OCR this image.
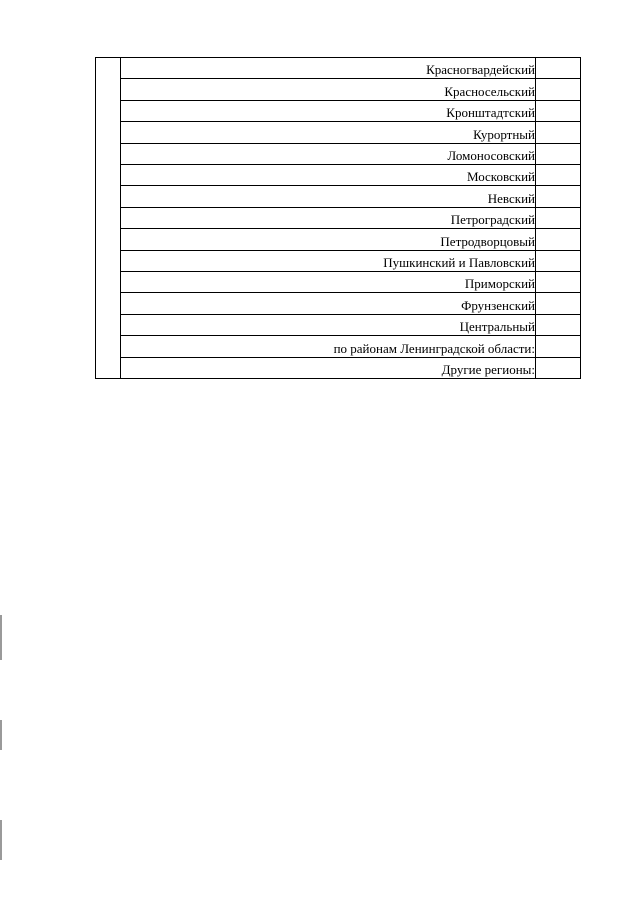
Красногвардейский
Красносельский
Кронштадтский
Курортный
Ломоносовский
Московский
Невский
Петроградский
Петродворцовый
Пушкинский и Павловский
Приморский
Фрунзенский
Центральный
по районам Ленинградской области:
Другие регионы:
